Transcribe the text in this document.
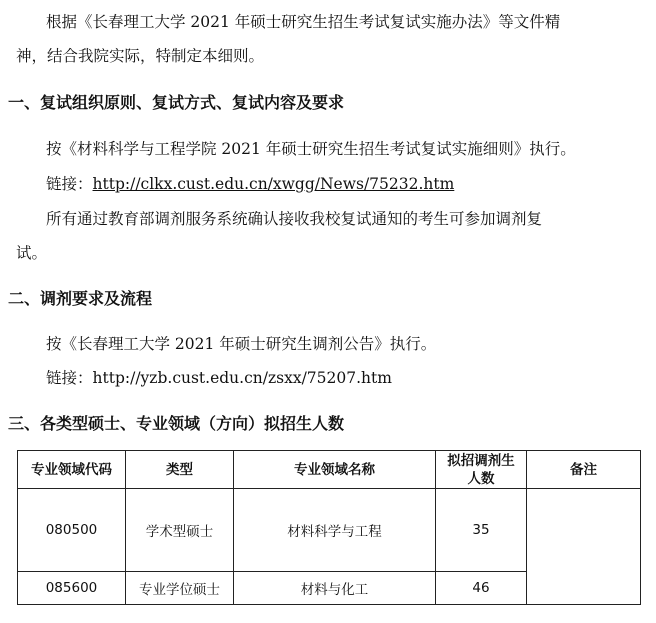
根据《长春理工大学 2021 年硕士研究生招生考试复试实施办法》等文件精
神，结合我院实际，特制定本细则。
一、复试组织原则、复试方式、复试内容及要求
按《材料科学与工程学院 2021 年硕士研究生招生考试复试实施细则》执行。
链接：http://clkx.cust.edu.cn/xwgg/News/75232.htm
所有通过教育部调剂服务系统确认接收我校复试通知的考生可参加调剂复
试。
二、调剂要求及流程
按《长春理工大学 2021 年硕士研究生调剂公告》执行。
链接：http://yzb.cust.edu.cn/zsxx/75207.htm
三、各类型硕士、专业领域（方向）拟招生人数
专业领域代码	类型	专业领域名称	拟招调剂生
人数	备注
080500	学术型硕士	材料科学与工程	35	
085600	专业学位硕士	材料与化工	46	
